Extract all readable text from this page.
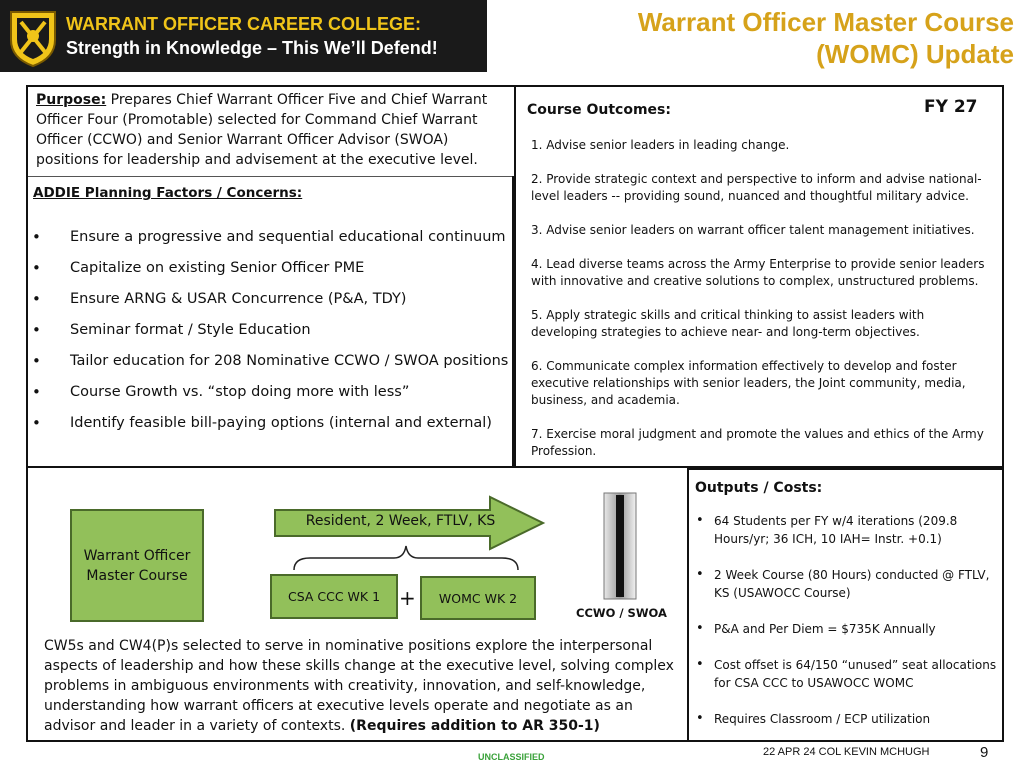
WARRANT OFFICER CAREER COLLEGE:
Strength in Knowledge – This We’ll Defend!
Warrant Officer Master Course
(WOMC) Update
Purpose: Prepares Chief Warrant Officer Five and Chief Warrant Officer Four (Promotable) selected for Command Chief Warrant Officer (CCWO) and Senior Warrant Officer Advisor (SWOA) positions for leadership and advisement at the executive level.
ADDIE Planning Factors / Concerns:
• Ensure a progressive and sequential educational continuum
• Capitalize on existing Senior Officer PME
• Ensure ARNG & USAR Concurrence (P&A, TDY)
• Seminar format / Style Education
• Tailor education for 208 Nominative CCWO / SWOA positions
• Course Growth vs. “stop doing more with less”
• Identify feasible bill-paying options (internal and external)
Course Outcomes:	FY 27

1. Advise senior leaders in leading change.

2. Provide strategic context and perspective to inform and advise national-level leaders -- providing sound, nuanced and thoughtful military advice.

3. Advise senior leaders on warrant officer talent management initiatives.

4. Lead diverse teams across the Army Enterprise to provide senior leaders with innovative and creative solutions to complex, unstructured problems.

5. Apply strategic skills and critical thinking to assist leaders with developing strategies to achieve near- and long-term objectives.

6. Communicate complex information effectively to develop and foster executive relationships with senior leaders, the Joint community, media, business, and academia.

7. Exercise moral judgment and promote the values and ethics of the Army Profession.

Outputs / Costs:
• 64 Students per FY w/4 iterations (209.8 Hours/yr; 36 ICH, 10 IAH= Instr. +0.1)
• 2 Week Course (80 Hours) conducted @ FTLV, KS (USAWOCC Course)
• P&A and Per Diem = $735K Annually
• Cost offset is 64/150 “unused” seat allocations for CSA CCC to USAWOCC WOMC
• Requires Classroom / ECP utilization
Warrant Officer Master Course
Resident, 2 Week, FTLV, KS
CSA CCC WK 1 +	WOMC WK 2
CCWO / SWOA
CW5s and CW4(P)s selected to serve in nominative positions explore the interpersonal aspects of leadership and how these skills change at the executive level, solving complex problems in ambiguous environments with creativity, innovation, and self-knowledge, understanding how warrant officers at executive levels operate and negotiate as an advisor and leader in a variety of contexts. (Requires addition to AR 350-1)
UNCLASSIFIED	22 APR 24 COL KEVIN MCHUGH	9
